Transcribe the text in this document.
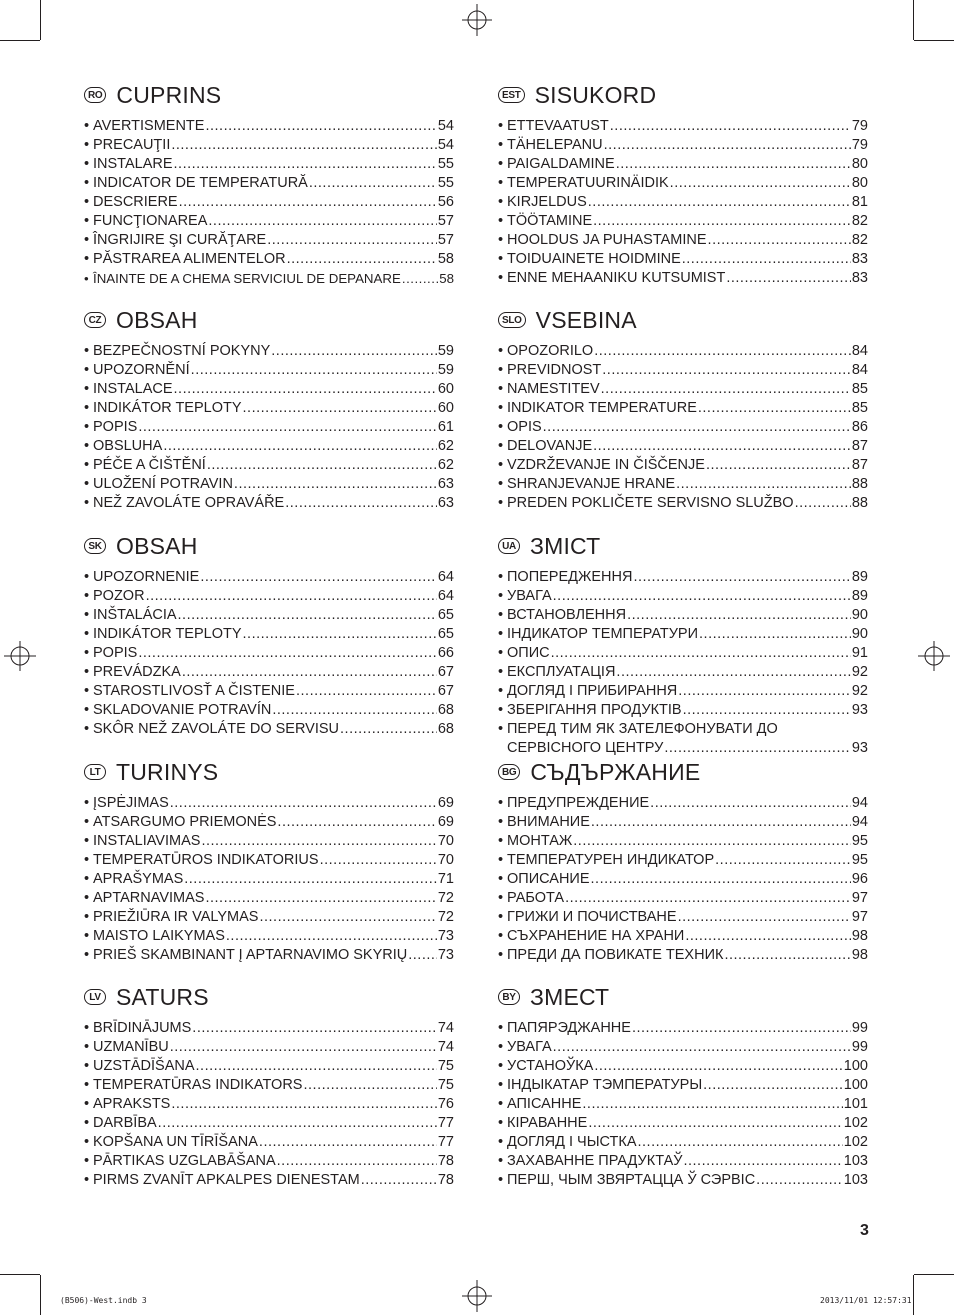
RO CUPRINS
• AVERTISMENTE .....	54
• PRECAUŢII .....	54
• INSTALARE .....	55
• INDICATOR DE TEMPERATURĂ .....	55
• DESCRIERE .....	56
• FUNCŢIONAREA .....	57
• ÎNGRIJIRE ŞI CURĂŢARE .....	57
• PĂSTRAREA ALIMENTELOR .....	58
• ÎNAINTE DE A CHEMA SERVICIUL DE DEPANARE .....	58
CZ OBSAH
• BEZPEČNOSTNÍ POKYNY .....	59
• UPOZORNĚNÍ .....	59
• INSTALACE .....	60
• INDIKÁTOR TEPLOTY .....	60
• POPIS .....	61
• OBSLUHA .....	62
• PÉČE A ČIŠTĚNÍ .....	62
• ULOŽENÍ POTRAVIN .....	63
• NEŽ ZAVOLÁTE OPRAVÁŘE .....	63
SK OBSAH
• UPOZORNENIE .....	64
• POZOR .....	64
• INŠTALÁCIA .....	65
• INDIKÁTOR TEPLOTY .....	65
• POPIS .....	66
• PREVÁDZKA .....	67
• STAROSTLIVOSŤ A ČISTENIE .....	67
• SKLADOVANIE POTRAVÍN .....	68
• SKÔR NEŽ ZAVOLÁTE DO SERVISU .....	68
LT TURINYS
• ĮSPĖJIMAS .....	69
• ATSARGUMO PRIEMONĖS .....	69
• INSTALIAVIMAS .....	70
• TEMPERATŪROS INDIKATORIUS .....	70
• APRAŠYMAS .....	71
• APTARNAVIMAS .....	72
• PRIEŽIŪRA IR VALYMAS .....	72
• MAISTO LAIKYMAS .....	73
• PRIEŠ SKAMBINANT Į APTARNAVIMO SKYRIŲ ..... 73
LV SATURS
• BRĪDINĀJUMS .....	74
• UZMANĪBU .....	74
• UZSTĀDĪŠANA .....	75
• TEMPERATŪRAS INDIKATORS .....	75
• APRAKSTS .....	76
• DARBĪBA .....	77
• KOPŠANA UN TĪRĪŠANA .....	77
• PĀRTIKAS UZGLABĀŠANA .....	78
• PIRMS ZVANĪT APKALPES DIENESTAM .....	78
EST SISUKORD
• ETTEVAATUST .....	79
• TÄHELEPANU .....	79
• PAIGALDAMINE .....	80
• TEMPERATUURINÄIDIK .....	80
• KIRJELDUS .....	81
• TÖÖTAMINE .....	82
• HOOLDUS JA PUHASTAMINE .....	82
• TOIDUAINETE HOIDMINE .....	83
• ENNE MEHAANIKU KUTSUMIST .....	83
SLO VSEBINA
• OPOZORILO .....	84
• PREVIDNOST .....	84
• NAMESTITEV .....	85
• INDIKATOR TEMPERATURE .....	85
• OPIS .....	86
• DELOVANJE .....	87
• VZDRŽEVANJE IN ČIŠČENJE .....	87
• SHRANJEVANJE HRANE .....	88
• PREDEN POKLIČETE SERVISNO SLUŽBO .....	88
UA ЗМІСТ
• ПОПЕРЕДЖЕННЯ .....	89
• УВАГА .....	89
• ВСТАНОВЛЕННЯ .....	90
• ІНДИКАТОР ТЕМПЕРАТУРИ .....	90
• ОПИС .....	91
• ЕКСПЛУАТАЦІЯ .....	92
• ДОГЛЯД І ПРИБИРАННЯ .....	92
• ЗБЕРІГАННЯ ПРОДУКТІВ .....	93
• ПЕРЕД ТИМ ЯК ЗАТЕЛЕФОНУВАТИ ДО
СЕРВІСНОГО ЦЕНТРУ .....	93
BG СЪДЪРЖАНИЕ
• ПРЕДУПРЕЖДЕНИЕ .....	94
• ВНИМАНИЕ .....	94
• МОНТАЖ .....	95
• ТЕМПЕРАТУРЕН ИНДИКАТОР .....	95
• ОПИСАНИЕ .....	96
• РАБОТА .....	97
• ГРИЖИ И ПОЧИСТВАНЕ .....	97
• СЪХРАНЕНИЕ НА ХРАНИ .....	98
• ПРЕДИ ДА ПОВИКАТЕ ТЕХНИК .....	98
BY ЗМЕСТ
• ПАПЯРЭДЖАННЕ .....	99
• УВАГА .....	99
• УСТАНОЎКА .....	100
• ІНДЫКАТАР ТЭМПЕРАТУРЫ .....	100
• АПІСАННЕ .....	101
• КІРАВАННЕ .....	102
• ДОГЛЯД І ЧЫСТКА .....	102
• ЗАХАВАННЕ ПРАДУКТАЎ .....	103
• ПЕРШ, ЧЫМ ЗВЯРТАЦЦА Ў СЭРВІС .....	103
3
(B506)-West.indb 3	2013/11/01 12:57:31
